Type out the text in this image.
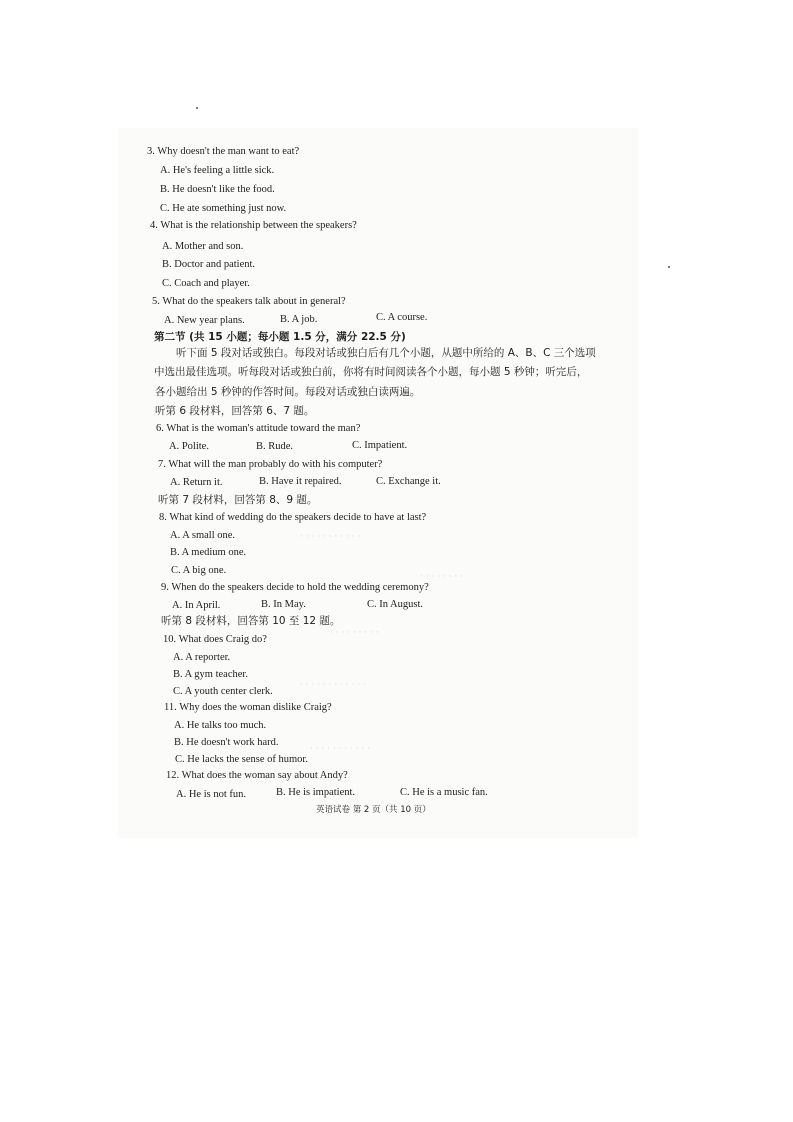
· · · · · · · · · · ·
· · · · · · · ·
· · · · · · · · ·
· · · · · · · · · · · ·
· · · · · · · · · · ·
3. Why doesn't the man want to eat?
A. He's feeling a little sick.
B. He doesn't like the food.
C. He ate something just now.
4. What is the relationship between the speakers?
A. Mother and son.
B. Doctor and patient.
C. Coach and player.
5. What do the speakers talk about in general?
A. New year plans.	B. A job.	C. A course.
第二节 (共 15 小题；每小题 1.5 分，满分 22.5 分)
听下面 5 段对话或独白。每段对话或独白后有几个小题，从题中所给的 A、B、C 三个选项
中选出最佳选项。听每段对话或独白前，你将有时间阅读各个小题，每小题 5 秒钟；听完后，
各小题给出 5 秒钟的作答时间。每段对话或独白读两遍。
听第 6 段材料，回答第 6、7 题。
6. What is the woman's attitude toward the man?
A. Polite.	B. Rude.	C. Impatient.
7. What will the man probably do with his computer?
A. Return it.	B. Have it repaired.	C. Exchange it.
听第 7 段材料，回答第 8、9 题。
8. What kind of wedding do the speakers decide to have at last?
A. A small one.
B. A medium one.
C. A big one.
9. When do the speakers decide to hold the wedding ceremony?
A. In April.	B. In May.	C. In August.
听第 8 段材料，回答第 10 至 12 题。
10. What does Craig do?
A. A reporter.
B. A gym teacher.
C. A youth center clerk.
11. Why does the woman dislike Craig?
A. He talks too much.
B. He doesn't work hard.
C. He lacks the sense of humor.
12. What does the woman say about Andy?
A. He is not fun.	B. He is impatient.	C. He is a music fan.
英语试卷 第 2 页（共 10 页）
